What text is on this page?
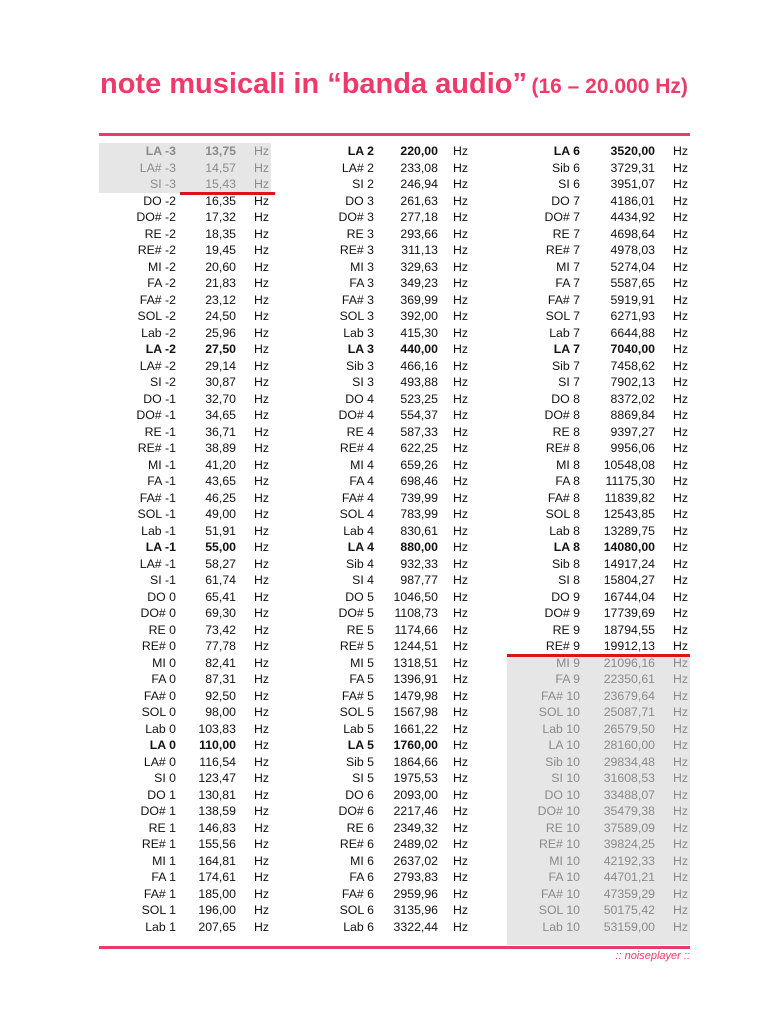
note musicali in “banda audio” (16 – 20.000 Hz)
LA -3	13,75 Hz
LA# -3	14,57 Hz
SI -3	15,43 Hz
DO -2	16,35 Hz
DO# -2	17,32 Hz
RE -2	18,35 Hz
RE# -2	19,45 Hz
MI -2	20,60 Hz
FA -2	21,83 Hz
FA# -2	23,12 Hz
SOL -2	24,50 Hz
Lab -2	25,96 Hz
LA -2	27,50 Hz
LA# -2	29,14 Hz
SI -2	30,87 Hz
DO -1	32,70 Hz
DO# -1	34,65 Hz
RE -1	36,71 Hz
RE# -1	38,89 Hz
MI -1	41,20 Hz
FA -1	43,65 Hz
FA# -1	46,25 Hz
SOL -1	49,00 Hz
Lab -1	51,91 Hz
LA -1	55,00 Hz
LA# -1	58,27 Hz
SI -1	61,74 Hz
DO 0	65,41 Hz
DO# 0	69,30 Hz
RE 0	73,42 Hz
RE# 0	77,78 Hz
MI 0	82,41 Hz
FA 0	87,31 Hz
FA# 0	92,50 Hz
SOL 0	98,00 Hz
Lab 0	103,83 Hz
LA 0	110,00 Hz
LA# 0	116,54 Hz
SI 0	123,47 Hz
DO 1	130,81 Hz
DO# 1	138,59 Hz
RE 1	146,83 Hz
RE# 1	155,56 Hz
MI 1	164,81 Hz
FA 1	174,61 Hz
FA# 1	185,00 Hz
SOL 1	196,00 Hz
Lab 1	207,65 Hz
LA 2	220,00 Hz
LA# 2	233,08 Hz
SI 2	246,94 Hz
DO 3	261,63 Hz
DO# 3	277,18 Hz
RE 3	293,66 Hz
RE# 3	311,13 Hz
MI 3	329,63 Hz
FA 3	349,23 Hz
FA# 3	369,99 Hz
SOL 3	392,00 Hz
Lab 3	415,30 Hz
LA 3	440,00 Hz
Sib 3	466,16 Hz
SI 3	493,88 Hz
DO 4	523,25 Hz
DO# 4	554,37 Hz
RE 4	587,33 Hz
RE# 4	622,25 Hz
MI 4	659,26 Hz
FA 4	698,46 Hz
FA# 4	739,99 Hz
SOL 4	783,99 Hz
Lab 4	830,61 Hz
LA 4	880,00 Hz
Sib 4	932,33 Hz
SI 4	987,77 Hz
DO 5	1046,50 Hz
DO# 5	1108,73 Hz
RE 5	1174,66 Hz
RE# 5	1244,51 Hz
MI 5	1318,51 Hz
FA 5	1396,91 Hz
FA# 5	1479,98 Hz
SOL 5	1567,98 Hz
Lab 5	1661,22 Hz
LA 5	1760,00 Hz
Sib 5	1864,66 Hz
SI 5	1975,53 Hz
DO 6	2093,00 Hz
DO# 6	2217,46 Hz
RE 6	2349,32 Hz
RE# 6	2489,02 Hz
MI 6	2637,02 Hz
FA 6	2793,83 Hz
FA# 6	2959,96 Hz
SOL 6	3135,96 Hz
Lab 6	3322,44 Hz
LA 6	3520,00 Hz
Sib 6	3729,31 Hz
SI 6	3951,07 Hz
DO 7	4186,01 Hz
DO# 7	4434,92 Hz
RE 7	4698,64 Hz
RE# 7	4978,03 Hz
MI 7	5274,04 Hz
FA 7	5587,65 Hz
FA# 7	5919,91 Hz
SOL 7	6271,93 Hz
Lab 7	6644,88 Hz
LA 7	7040,00 Hz
Sib 7	7458,62 Hz
SI 7	7902,13 Hz
DO 8	8372,02 Hz
DO# 8	8869,84 Hz
RE 8	9397,27 Hz
RE# 8	9956,06 Hz
MI 8	10548,08 Hz
FA 8	11175,30 Hz
FA# 8	11839,82 Hz
SOL 8	12543,85 Hz
Lab 8	13289,75 Hz
LA 8	14080,00 Hz
Sib 8	14917,24 Hz
SI 8	15804,27 Hz
DO 9	16744,04 Hz
DO# 9	17739,69 Hz
RE 9	18794,55 Hz
RE# 9	19912,13 Hz
MI 9	21096,16 Hz
FA 9	22350,61 Hz
FA# 10	23679,64 Hz
SOL 10	25087,71 Hz
Lab 10	26579,50 Hz
LA 10	28160,00 Hz
Sib 10	29834,48 Hz
SI 10	31608,53 Hz
DO 10	33488,07 Hz
DO# 10	35479,38 Hz
RE 10	37589,09 Hz
RE# 10	39824,25 Hz
MI 10	42192,33 Hz
FA 10	44701,21 Hz
FA# 10	47359,29 Hz
SOL 10	50175,42 Hz
Lab 10	53159,00 Hz
:: noiseplayer ::
